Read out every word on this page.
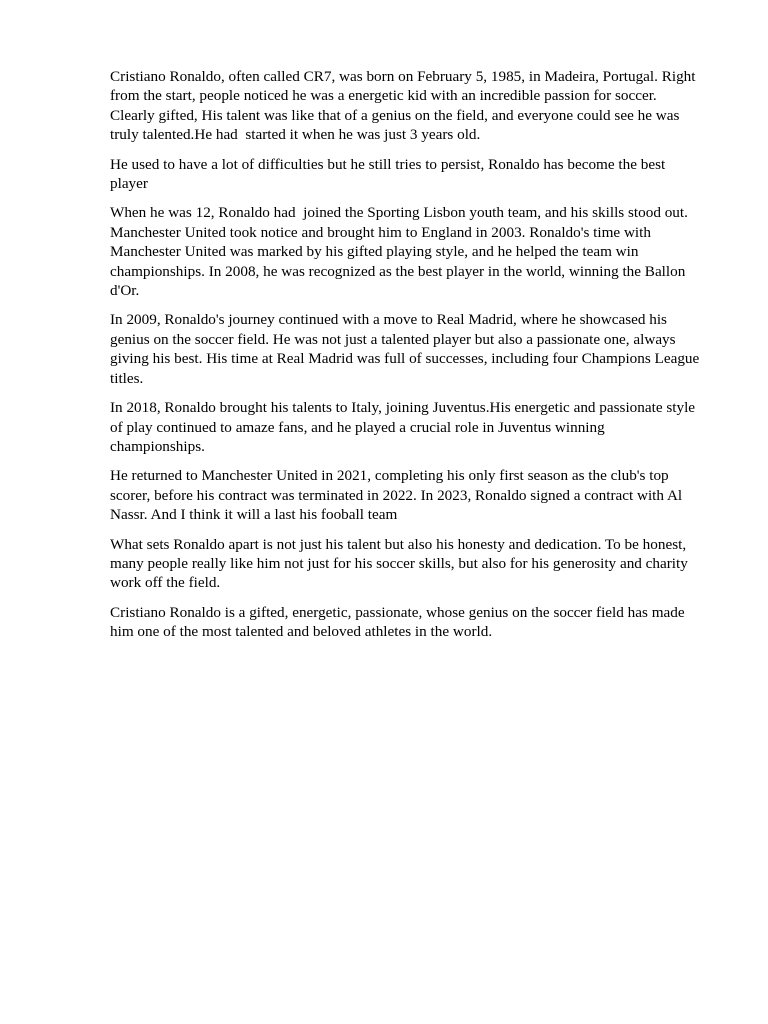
Cristiano Ronaldo, often called CR7, was born on February 5, 1985, in Madeira, Portugal. Right from the start, people noticed he was a energetic kid with an incredible passion for soccer. Clearly gifted, His talent was like that of a genius on the field, and everyone could see he was truly talented.He had  started it when he was just 3 years old.

He used to have a lot of difficulties but he still tries to persist, Ronaldo has become the best player

When he was 12, Ronaldo had  joined the Sporting Lisbon youth team, and his skills stood out. Manchester United took notice and brought him to England in 2003. Ronaldo's time with Manchester United was marked by his gifted playing style, and he helped the team win championships. In 2008, he was recognized as the best player in the world, winning the Ballon d'Or.

In 2009, Ronaldo's journey continued with a move to Real Madrid, where he showcased his genius on the soccer field. He was not just a talented player but also a passionate one, always giving his best. His time at Real Madrid was full of successes, including four Champions League titles.

In 2018, Ronaldo brought his talents to Italy, joining Juventus.His energetic and passionate style of play continued to amaze fans, and he played a crucial role in Juventus winning championships.

He returned to Manchester United in 2021, completing his only first season as the club's top scorer, before his contract was terminated in 2022. In 2023, Ronaldo signed a contract with Al Nassr. And I think it will a last his fooball team

What sets Ronaldo apart is not just his talent but also his honesty and dedication. To be honest, many people really like him not just for his soccer skills, but also for his generosity and charity work off the field.

Cristiano Ronaldo is a gifted, energetic, passionate, whose genius on the soccer field has made him one of the most talented and beloved athletes in the world.
